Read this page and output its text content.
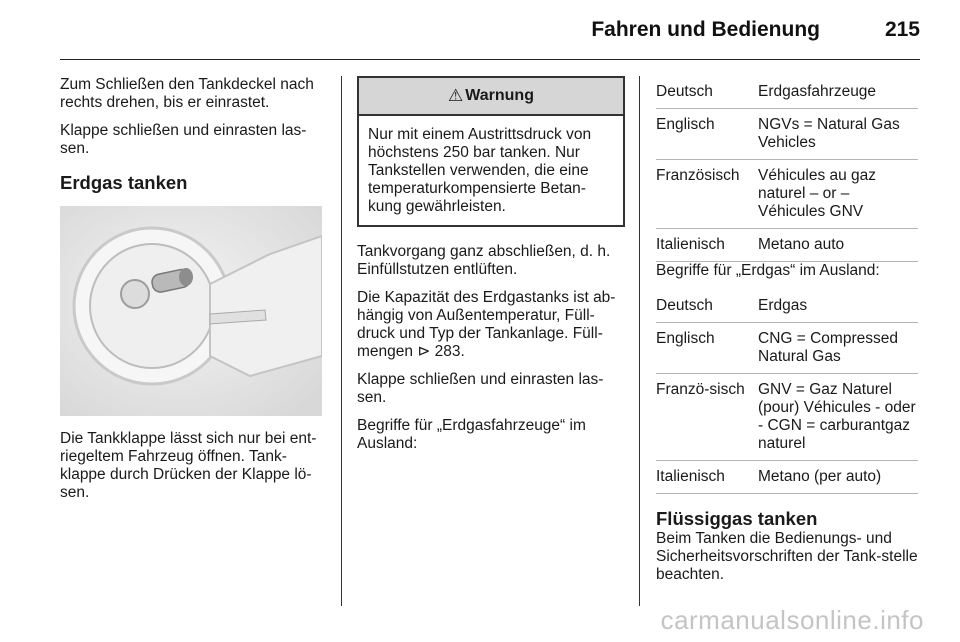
Fahren und Bedienung	215

Zum Schließen den Tankdeckel nach rechts drehen, bis er einrastet.

Klappe schließen und einrasten las-sen.

Erdgas tanken

Die Tankklappe lässt sich nur bei ent-riegeltem Fahrzeug öffnen. Tank-klappe durch Drücken der Klappe lö-sen.

⚠ Warnung
Nur mit einem Austrittsdruck von höchstens 250 bar tanken. Nur Tankstellen verwenden, die eine temperaturkompensierte Betan-kung gewährleisten.

Tankvorgang ganz abschließen, d. h. Einfüllstutzen entlüften.

Die Kapazität des Erdgastanks ist ab-hängig von Außentemperatur, Füll-druck und Typ der Tankanlage. Füll-mengen ⊳ 283.

Klappe schließen und einrasten las-sen.

Begriffe für „Erdgasfahrzeuge“ im Ausland:

Deutsch	Erdgasfahrzeuge
Englisch	NGVs = Natural Gas Vehicles
Französisch	Véhicules au gaz naturel – or – Véhicules GNV
Italienisch	Metano auto

Begriffe für „Erdgas“ im Ausland:

Deutsch	Erdgas
Englisch	CNG = Compressed Natural Gas
Franzö-sisch	GNV = Gaz Naturel (pour) Véhicules - oder - CGN = carburantgaz naturel
Italienisch	Metano (per auto)
Flüssiggas tanken

Beim Tanken die Bedienungs- und Sicherheitsvorschriften der Tank-stelle beachten.

carmanualsonline.info
